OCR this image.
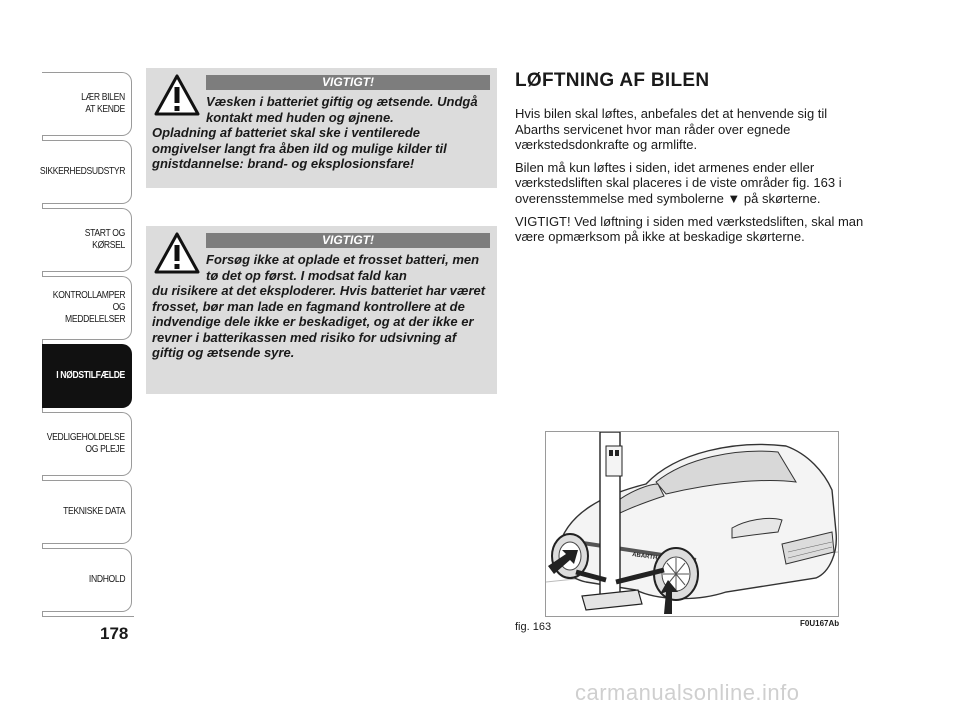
LÆR BILEN
AT KENDE
SIKKERHEDSUDSTYR
START OG KØRSEL
KONTROLLAMPER
OG MEDDELELSER
I NØDSTILFÆLDE
VEDLIGEHOLDELSE
OG PLEJE
TEKNISKE DATA
INDHOLD
178
VIGTIGT!
Væsken i batteriet giftig og ætsende. Undgå kontakt med huden og øjnene.
Opladning af batteriet skal ske i ventilerede omgivelser langt fra åben ild og mulige kilder til gnistdannelse: brand- og eksplosionsfare!
VIGTIGT!
Forsøg ikke at oplade et frosset batteri, men tø det op først. I modsat fald kan
du risikere at det eksploderer. Hvis batteriet har været frosset, bør man lade en fagmand kontrollere at de indvendige dele ikke er beskadiget, og at der ikke er revner i batterikassen med risiko for udsivning af giftig og ætsende syre.
LØFTNING AF BILEN

Hvis bilen skal løftes, anbefales det at henvende sig til Abarths servicenet hvor man råder over egnede værkstedsdonkrafte og armlifte.

Bilen må kun løftes i siden, idet armenes ender eller værkstedsliften skal placeres i de viste områder fig. 163 i overensstemmelse med symbolerne ▼ på skørterne.

VIGTIGT! Ved løftning i siden med værkstedsliften, skal man være opmærksom på ikke at beskadige skørterne.

ABARTH
fig. 163	F0U167Ab
carmanualsonline.info
